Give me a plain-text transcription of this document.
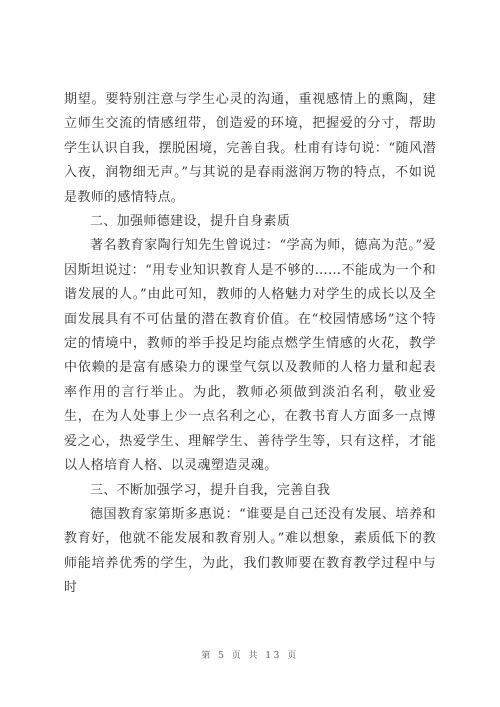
期望。要特别注意与学生心灵的沟通，重视感情上的熏陶，建立师生交流的情感纽带，创造爱的环境，把握爱的分寸，帮助学生认识自我，摆脱困境，完善自我。杜甫有诗句说：“随风潜入夜，润物细无声。”与其说的是春雨滋润万物的特点，不如说是教师的感情特点。

二、加强师德建设，提升自身素质

著名教育家陶行知先生曾说过：“学高为师，德高为范。”爱因斯坦说过：“用专业知识教育人是不够的……不能成为一个和谐发展的人。”由此可知，教师的人格魅力对学生的成长以及全面发展具有不可估量的潜在教育价值。在“校园情感场”这个特定的情境中，教师的举手投足均能点燃学生情感的火花，教学中依赖的是富有感染力的课堂气氛以及教师的人格力量和起表率作用的言行举止。为此，教师必须做到淡泊名利，敬业爱生，在为人处事上少一点名利之心，在教书育人方面多一点博爱之心，热爱学生、理解学生、善待学生等，只有这样，才能以人格培育人格、以灵魂塑造灵魂。

三、不断加强学习，提升自我，完善自我

德国教育家第斯多惠说：“谁要是自己还没有发展、培养和教育好，他就不能发展和教育别人。”难以想象，素质低下的教师能培养优秀的学生，为此，我们教师要在教育教学过程中与时

第 5 页 共 13 页
